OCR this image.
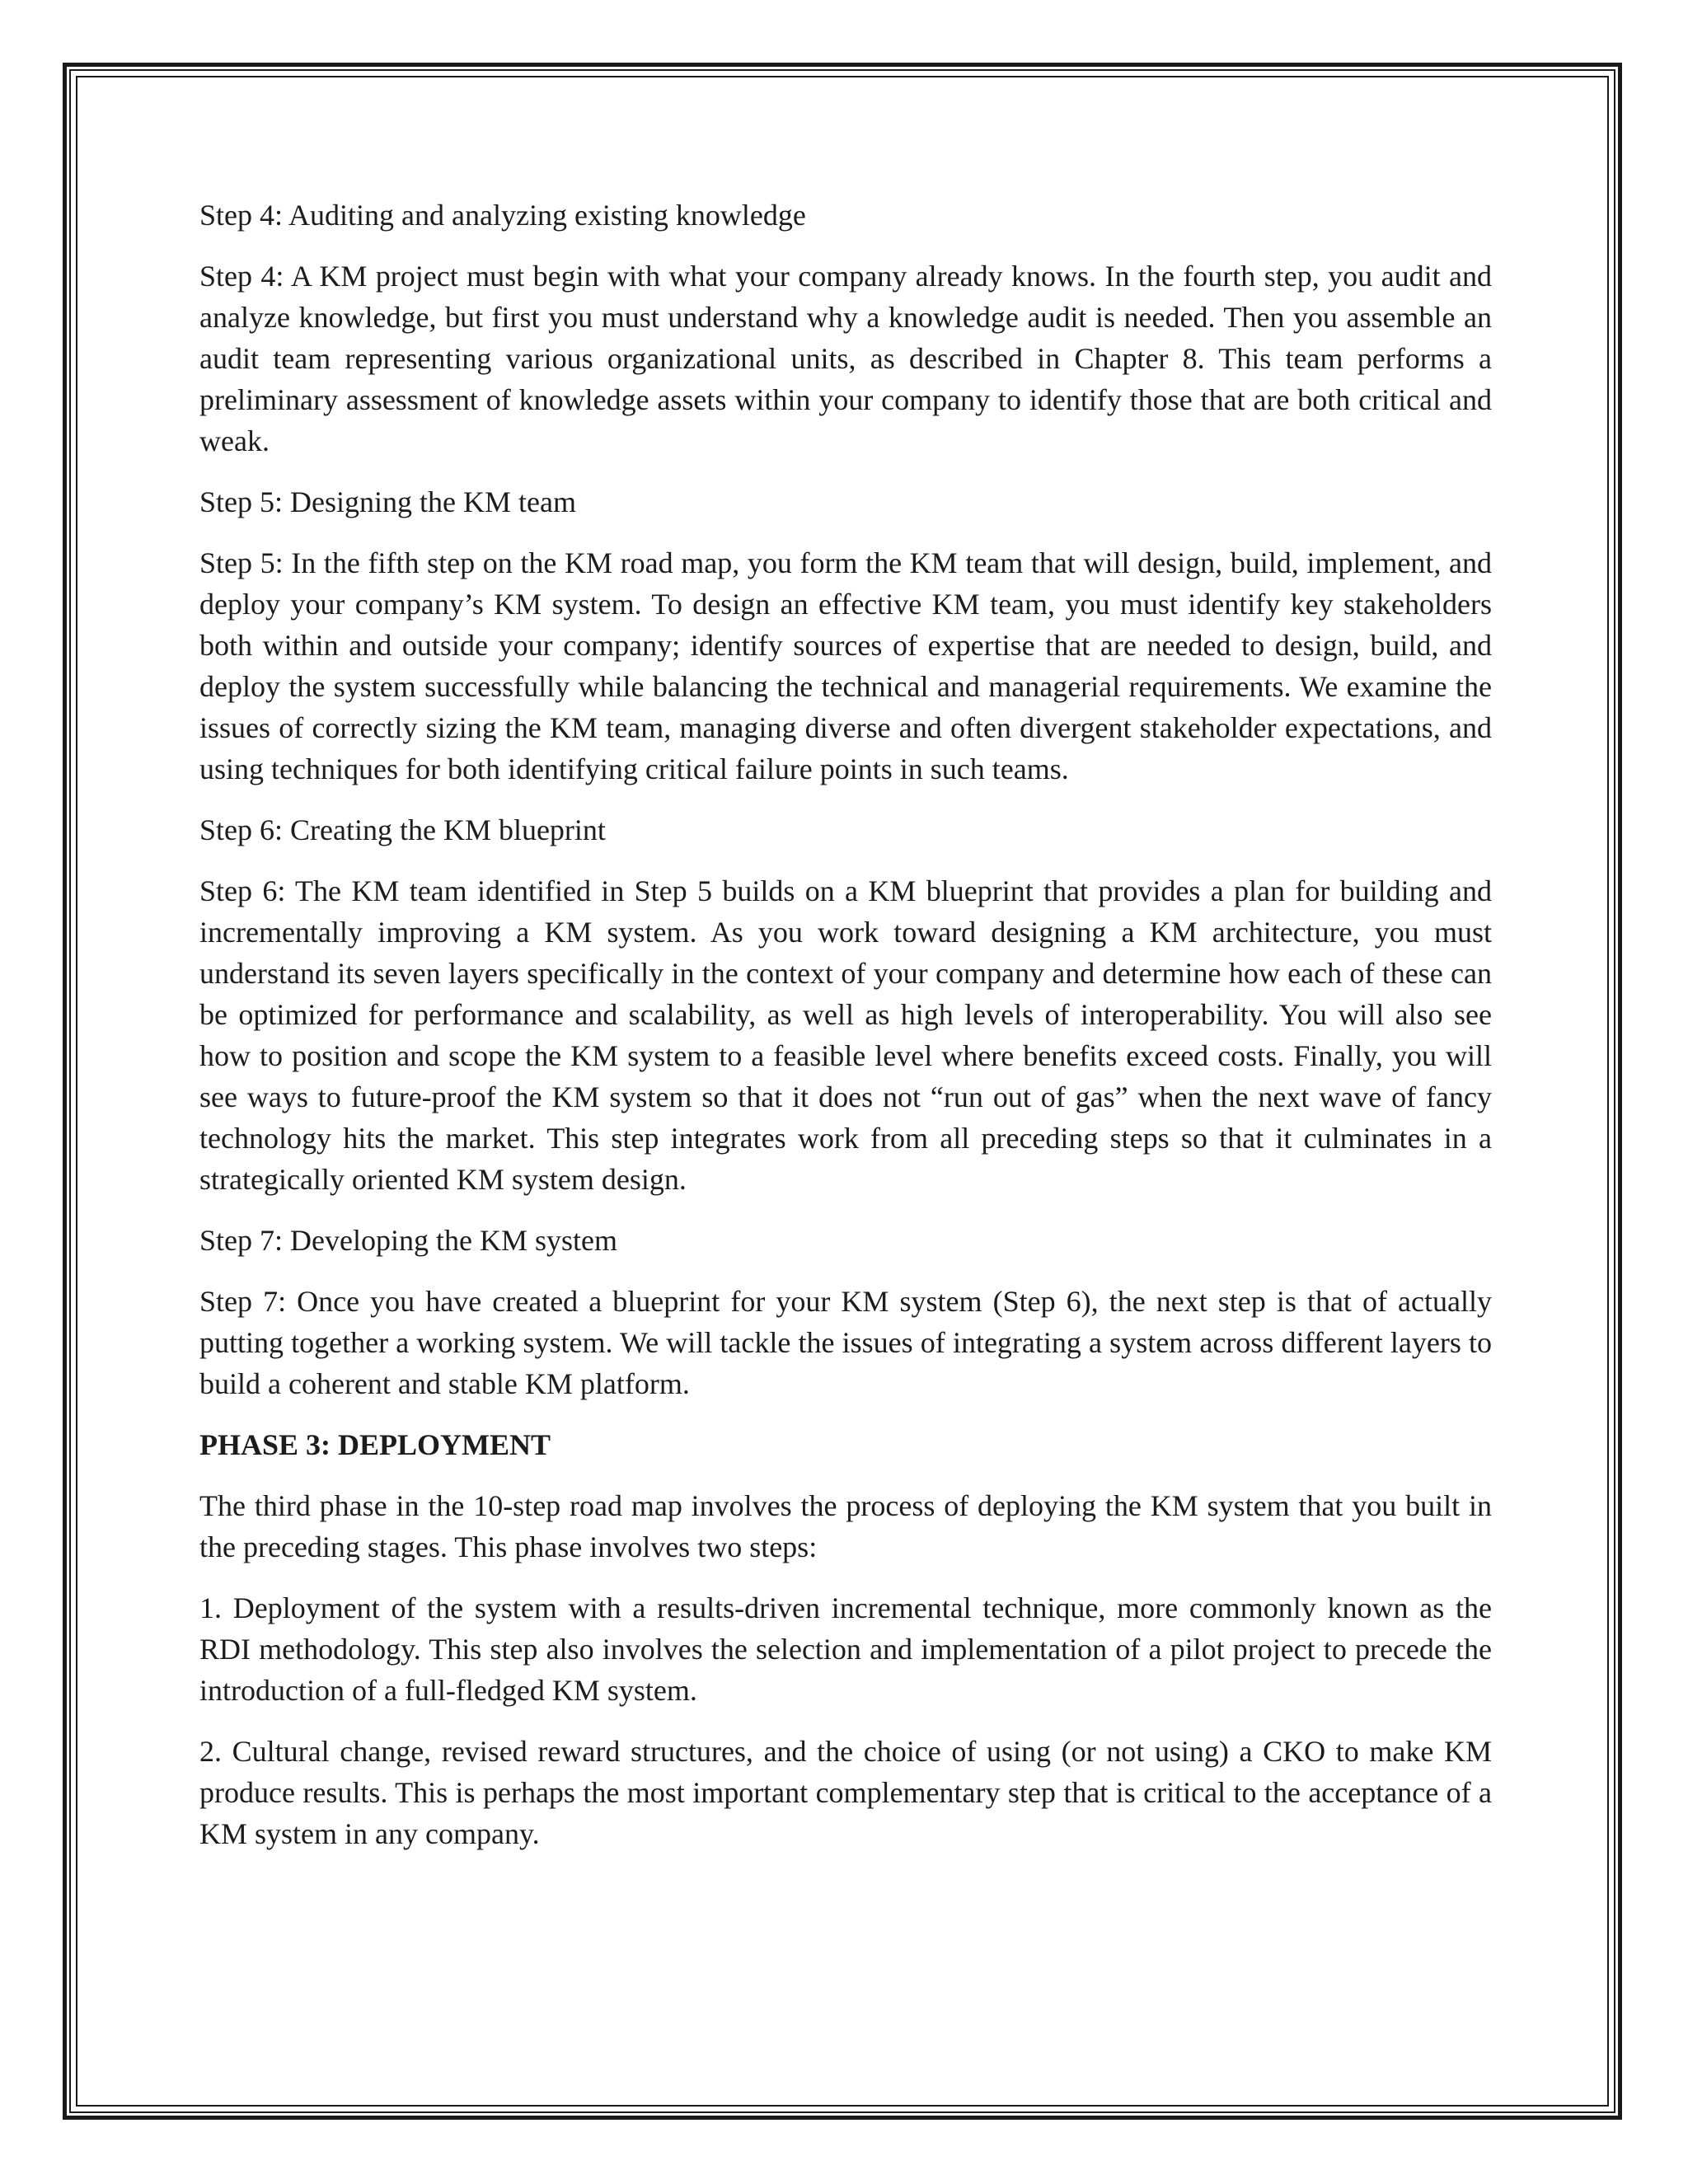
Step 4: Auditing and analyzing existing knowledge

Step 4: A KM project must begin with what your company already knows. In the fourth step, you audit and analyze knowledge, but first you must understand why a knowledge audit is needed. Then you assemble an audit team representing various organizational units, as described in Chapter 8. This team performs a preliminary assessment of knowledge assets within your company to identify those that are both critical and weak.

Step 5: Designing the KM team

Step 5: In the fifth step on the KM road map, you form the KM team that will design, build, implement, and deploy your company’s KM system. To design an effective KM team, you must identify key stakeholders both within and outside your company; identify sources of expertise that are needed to design, build, and deploy the system successfully while balancing the technical and managerial requirements. We examine the issues of correctly sizing the KM team, managing diverse and often divergent stakeholder expectations, and using techniques for both identifying critical failure points in such teams.

Step 6: Creating the KM blueprint

Step 6: The KM team identified in Step 5 builds on a KM blueprint that provides a plan for building and incrementally improving a KM system. As you work toward designing a KM architecture, you must understand its seven layers specifically in the context of your company and determine how each of these can be optimized for performance and scalability, as well as high levels of interoperability. You will also see how to position and scope the KM system to a feasible level where benefits exceed costs. Finally, you will see ways to future-proof the KM system so that it does not “run out of gas” when the next wave of fancy technology hits the market. This step integrates work from all preceding steps so that it culminates in a strategically oriented KM system design.

Step 7: Developing the KM system

Step 7: Once you have created a blueprint for your KM system (Step 6), the next step is that of actually putting together a working system. We will tackle the issues of integrating a system across different layers to build a coherent and stable KM platform.

PHASE 3: DEPLOYMENT

The third phase in the 10-step road map involves the process of deploying the KM system that you built in the preceding stages. This phase involves two steps:

1. Deployment of the system with a results-driven incremental technique, more commonly known as the RDI methodology. This step also involves the selection and implementation of a pilot project to precede the introduction of a full-fledged KM system.

2. Cultural change, revised reward structures, and the choice of using (or not using) a CKO to make KM produce results. This is perhaps the most important complementary step that is critical to the acceptance of a KM system in any company.
